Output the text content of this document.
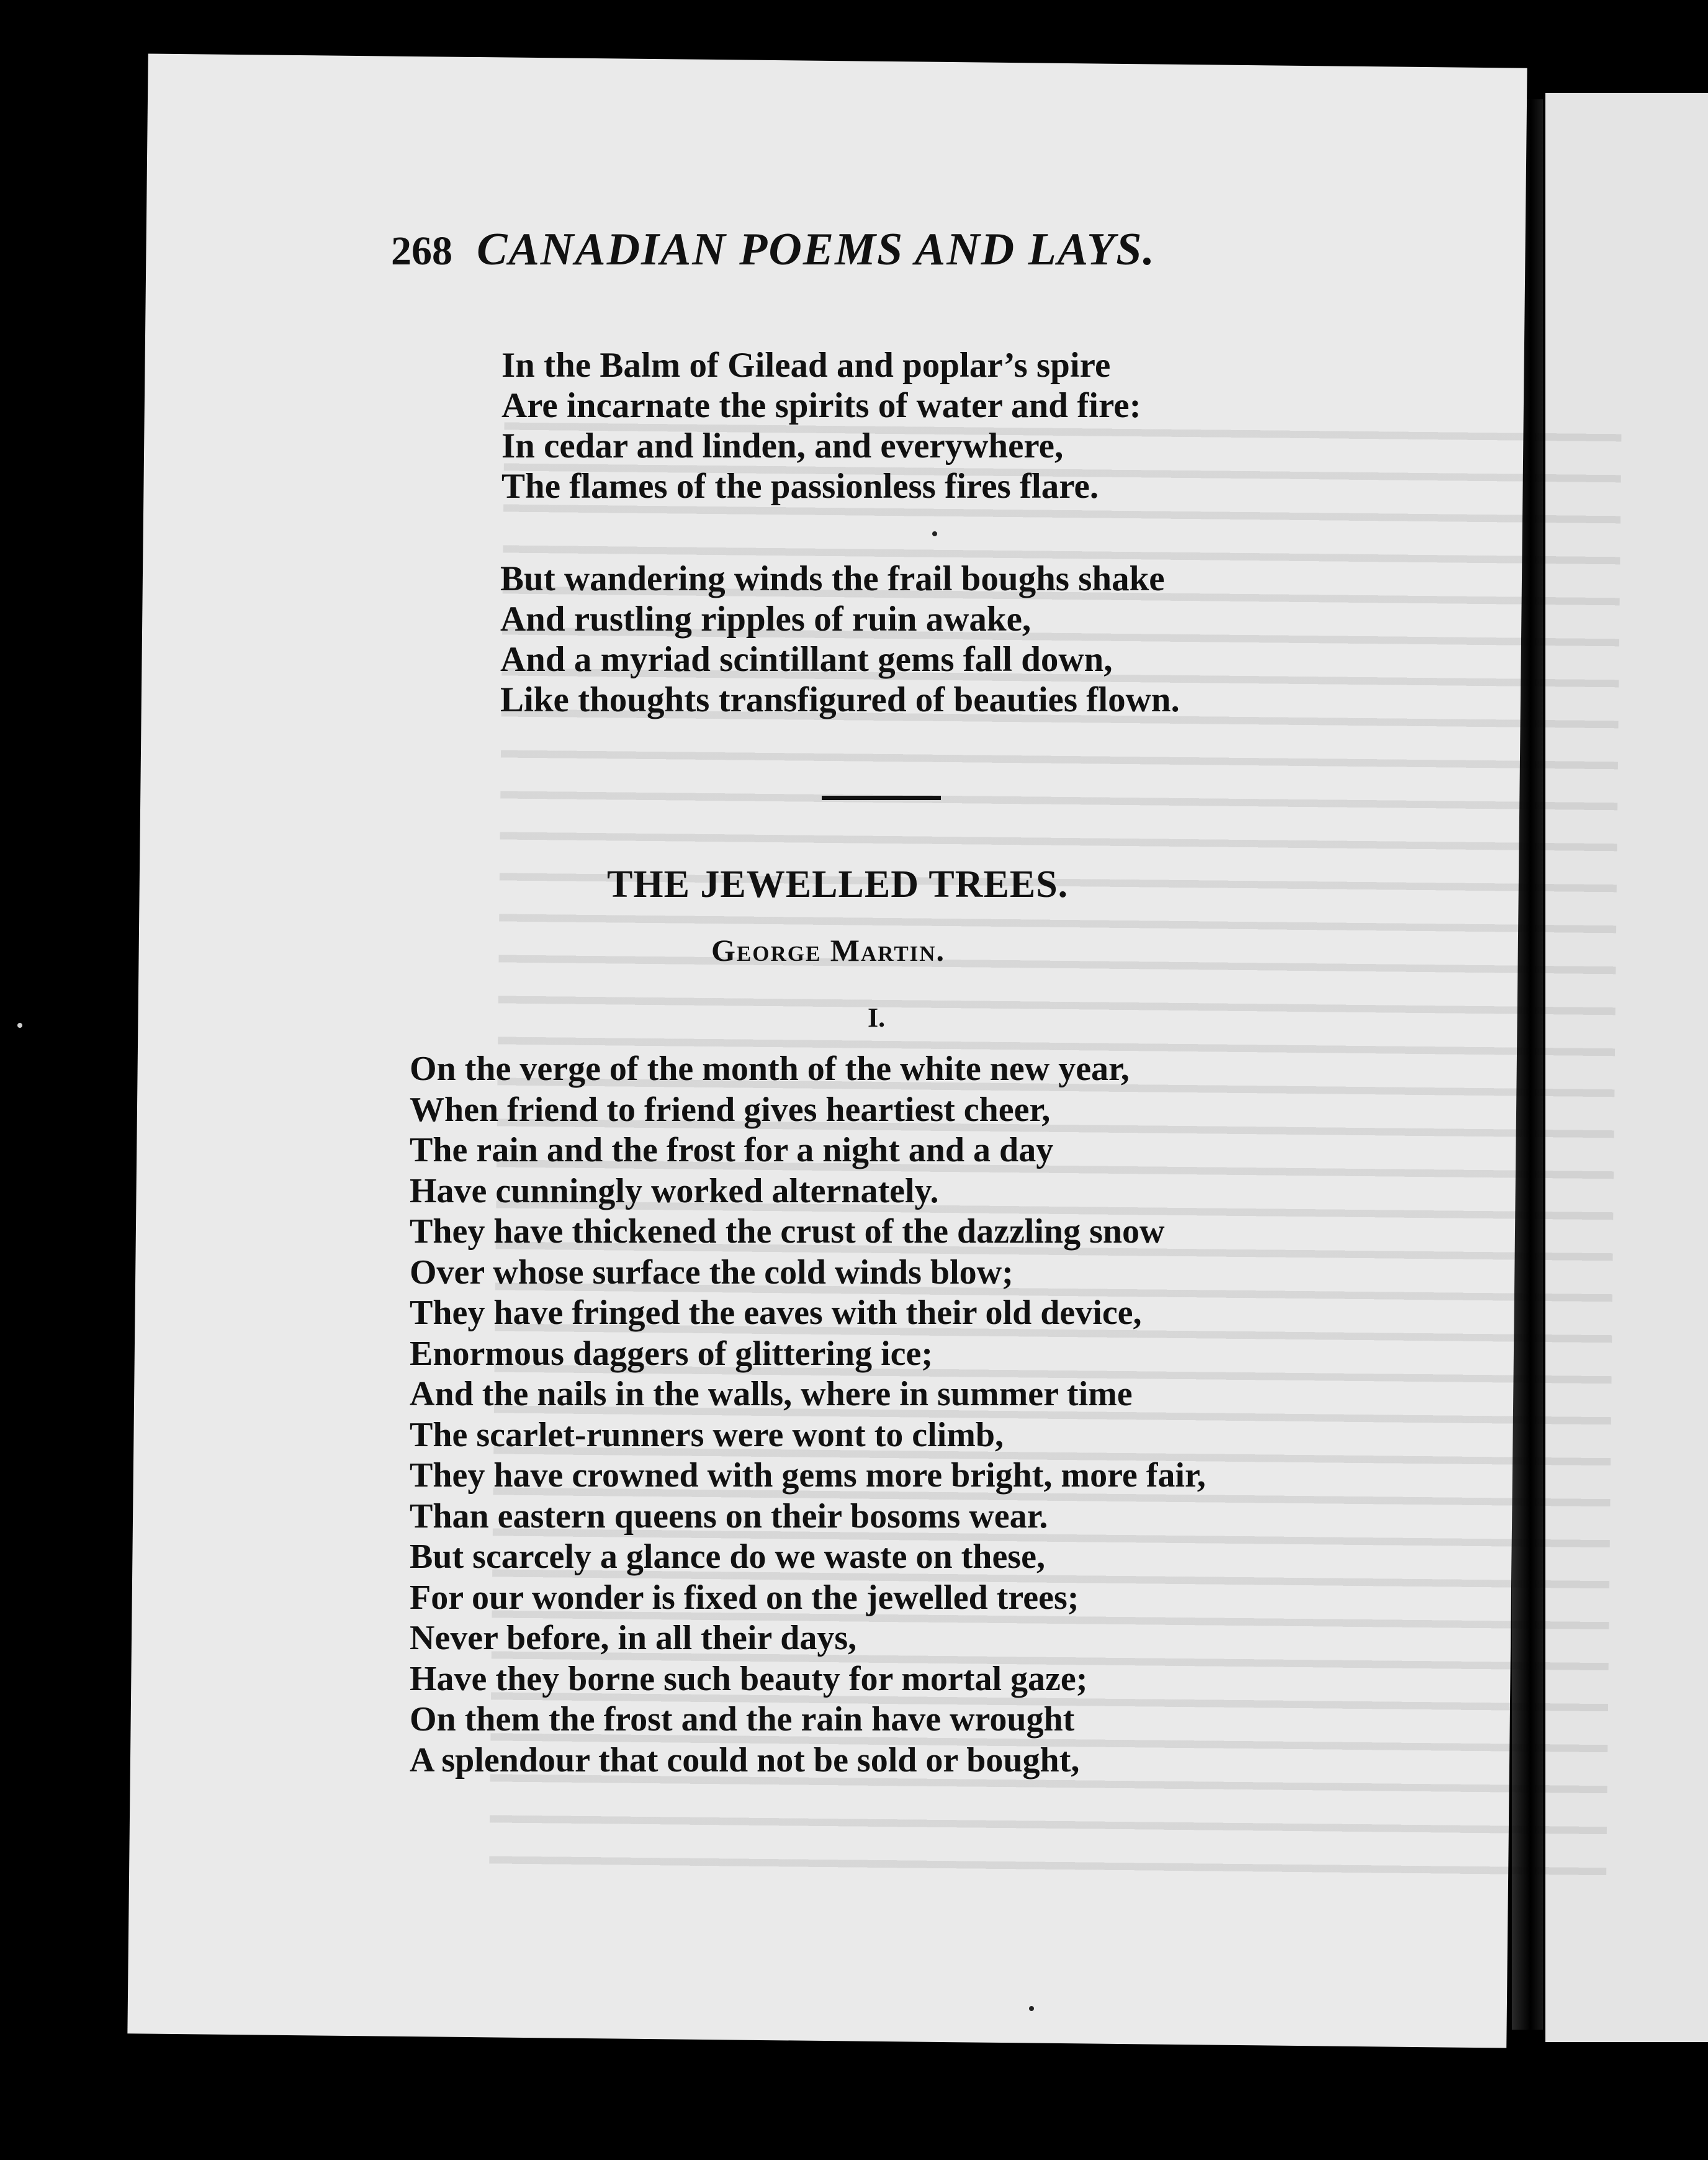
268 CANADIAN POEMS AND LAYS.
In the Balm of Gilead and poplar’s spire
Are incarnate the spirits of water and fire:
In cedar and linden, and everywhere,
The flames of the passionless fires flare.
But wandering winds the frail boughs shake
And rustling ripples of ruin awake,
And a myriad scintillant gems fall down,
Like thoughts transfigured of beauties flown.
THE JEWELLED TREES.
George Martin.
I.
On the verge of the month of the white new year,
When friend to friend gives heartiest cheer,
The rain and the frost for a night and a day
Have cunningly worked alternately.
They have thickened the crust of the dazzling snow
Over whose surface the cold winds blow;
They have fringed the eaves with their old device,
Enormous daggers of glittering ice;
And the nails in the walls, where in summer time
The scarlet-runners were wont to climb,
They have crowned with gems more bright, more fair,
Than eastern queens on their bosoms wear.
But scarcely a glance do we waste on these,
For our wonder is fixed on the jewelled trees;
Never before, in all their days,
Have they borne such beauty for mortal gaze;
On them the frost and the rain have wrought
A splendour that could not be sold or bought,
